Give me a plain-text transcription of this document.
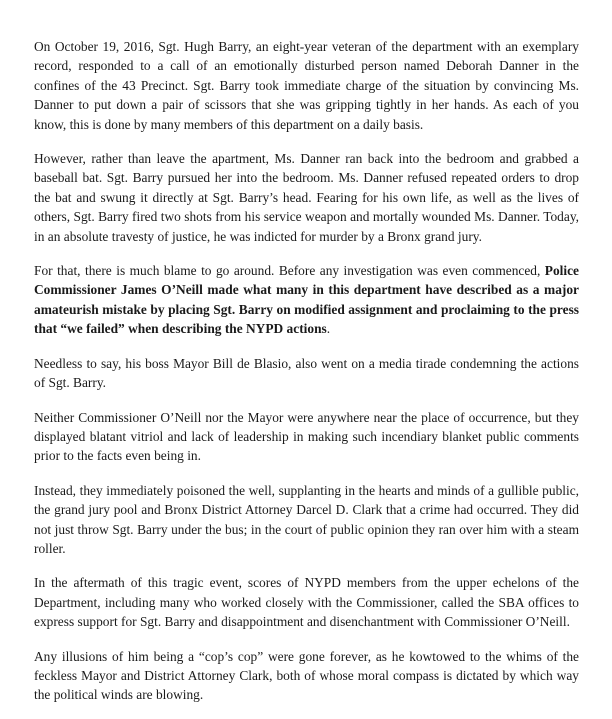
On October 19, 2016, Sgt. Hugh Barry, an eight-year veteran of the department with an exemplary record, responded to a call of an emotionally disturbed person named Deborah Danner in the confines of the 43 Precinct. Sgt. Barry took immediate charge of the situation by convincing Ms. Danner to put down a pair of scissors that she was gripping tightly in her hands. As each of you know, this is done by many members of this department on a daily basis.

However, rather than leave the apartment, Ms. Danner ran back into the bedroom and grabbed a baseball bat. Sgt. Barry pursued her into the bedroom. Ms. Danner refused repeated orders to drop the bat and swung it directly at Sgt. Barry’s head. Fearing for his own life, as well as the lives of others, Sgt. Barry fired two shots from his service weapon and mortally wounded Ms. Danner. Today, in an absolute travesty of justice, he was indicted for murder by a Bronx grand jury.

For that, there is much blame to go around. Before any investigation was even commenced, Police Commissioner James O’Neill made what many in this department have described as a major amateurish mistake by placing Sgt. Barry on modified assignment and proclaiming to the press that “we failed” when describing the NYPD actions.

Needless to say, his boss Mayor Bill de Blasio, also went on a media tirade condemning the actions of Sgt. Barry.

Neither Commissioner O’Neill nor the Mayor were anywhere near the place of occurrence, but they displayed blatant vitriol and lack of leadership in making such incendiary blanket public comments prior to the facts even being in.

Instead, they immediately poisoned the well, supplanting in the hearts and minds of a gullible public, the grand jury pool and Bronx District Attorney Darcel D. Clark that a crime had occurred. They did not just throw Sgt. Barry under the bus; in the court of public opinion they ran over him with a steam roller.

In the aftermath of this tragic event, scores of NYPD members from the upper echelons of the Department, including many who worked closely with the Commissioner, called the SBA offices to express support for Sgt. Barry and disappointment and disenchantment with Commissioner O’Neill.

Any illusions of him being a “cop’s cop” were gone forever, as he kowtowed to the whims of the feckless Mayor and District Attorney Clark, both of whose moral compass is dictated by which way the political winds are blowing.
